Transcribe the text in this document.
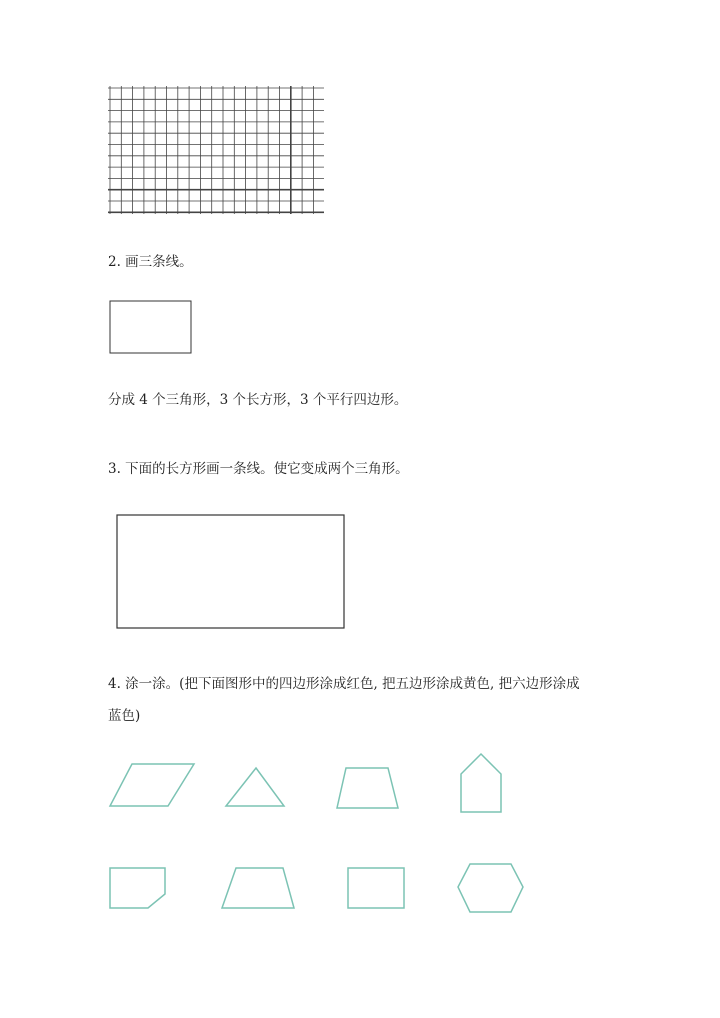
2. 画三条线。
分成 4 个三角形，3 个长方形，3 个平行四边形。
3. 下面的长方形画一条线。使它变成两个三角形。
4. 涂一涂。(把下面图形中的四边形涂成红色, 把五边形涂成黄色, 把六边形涂成
蓝色)
